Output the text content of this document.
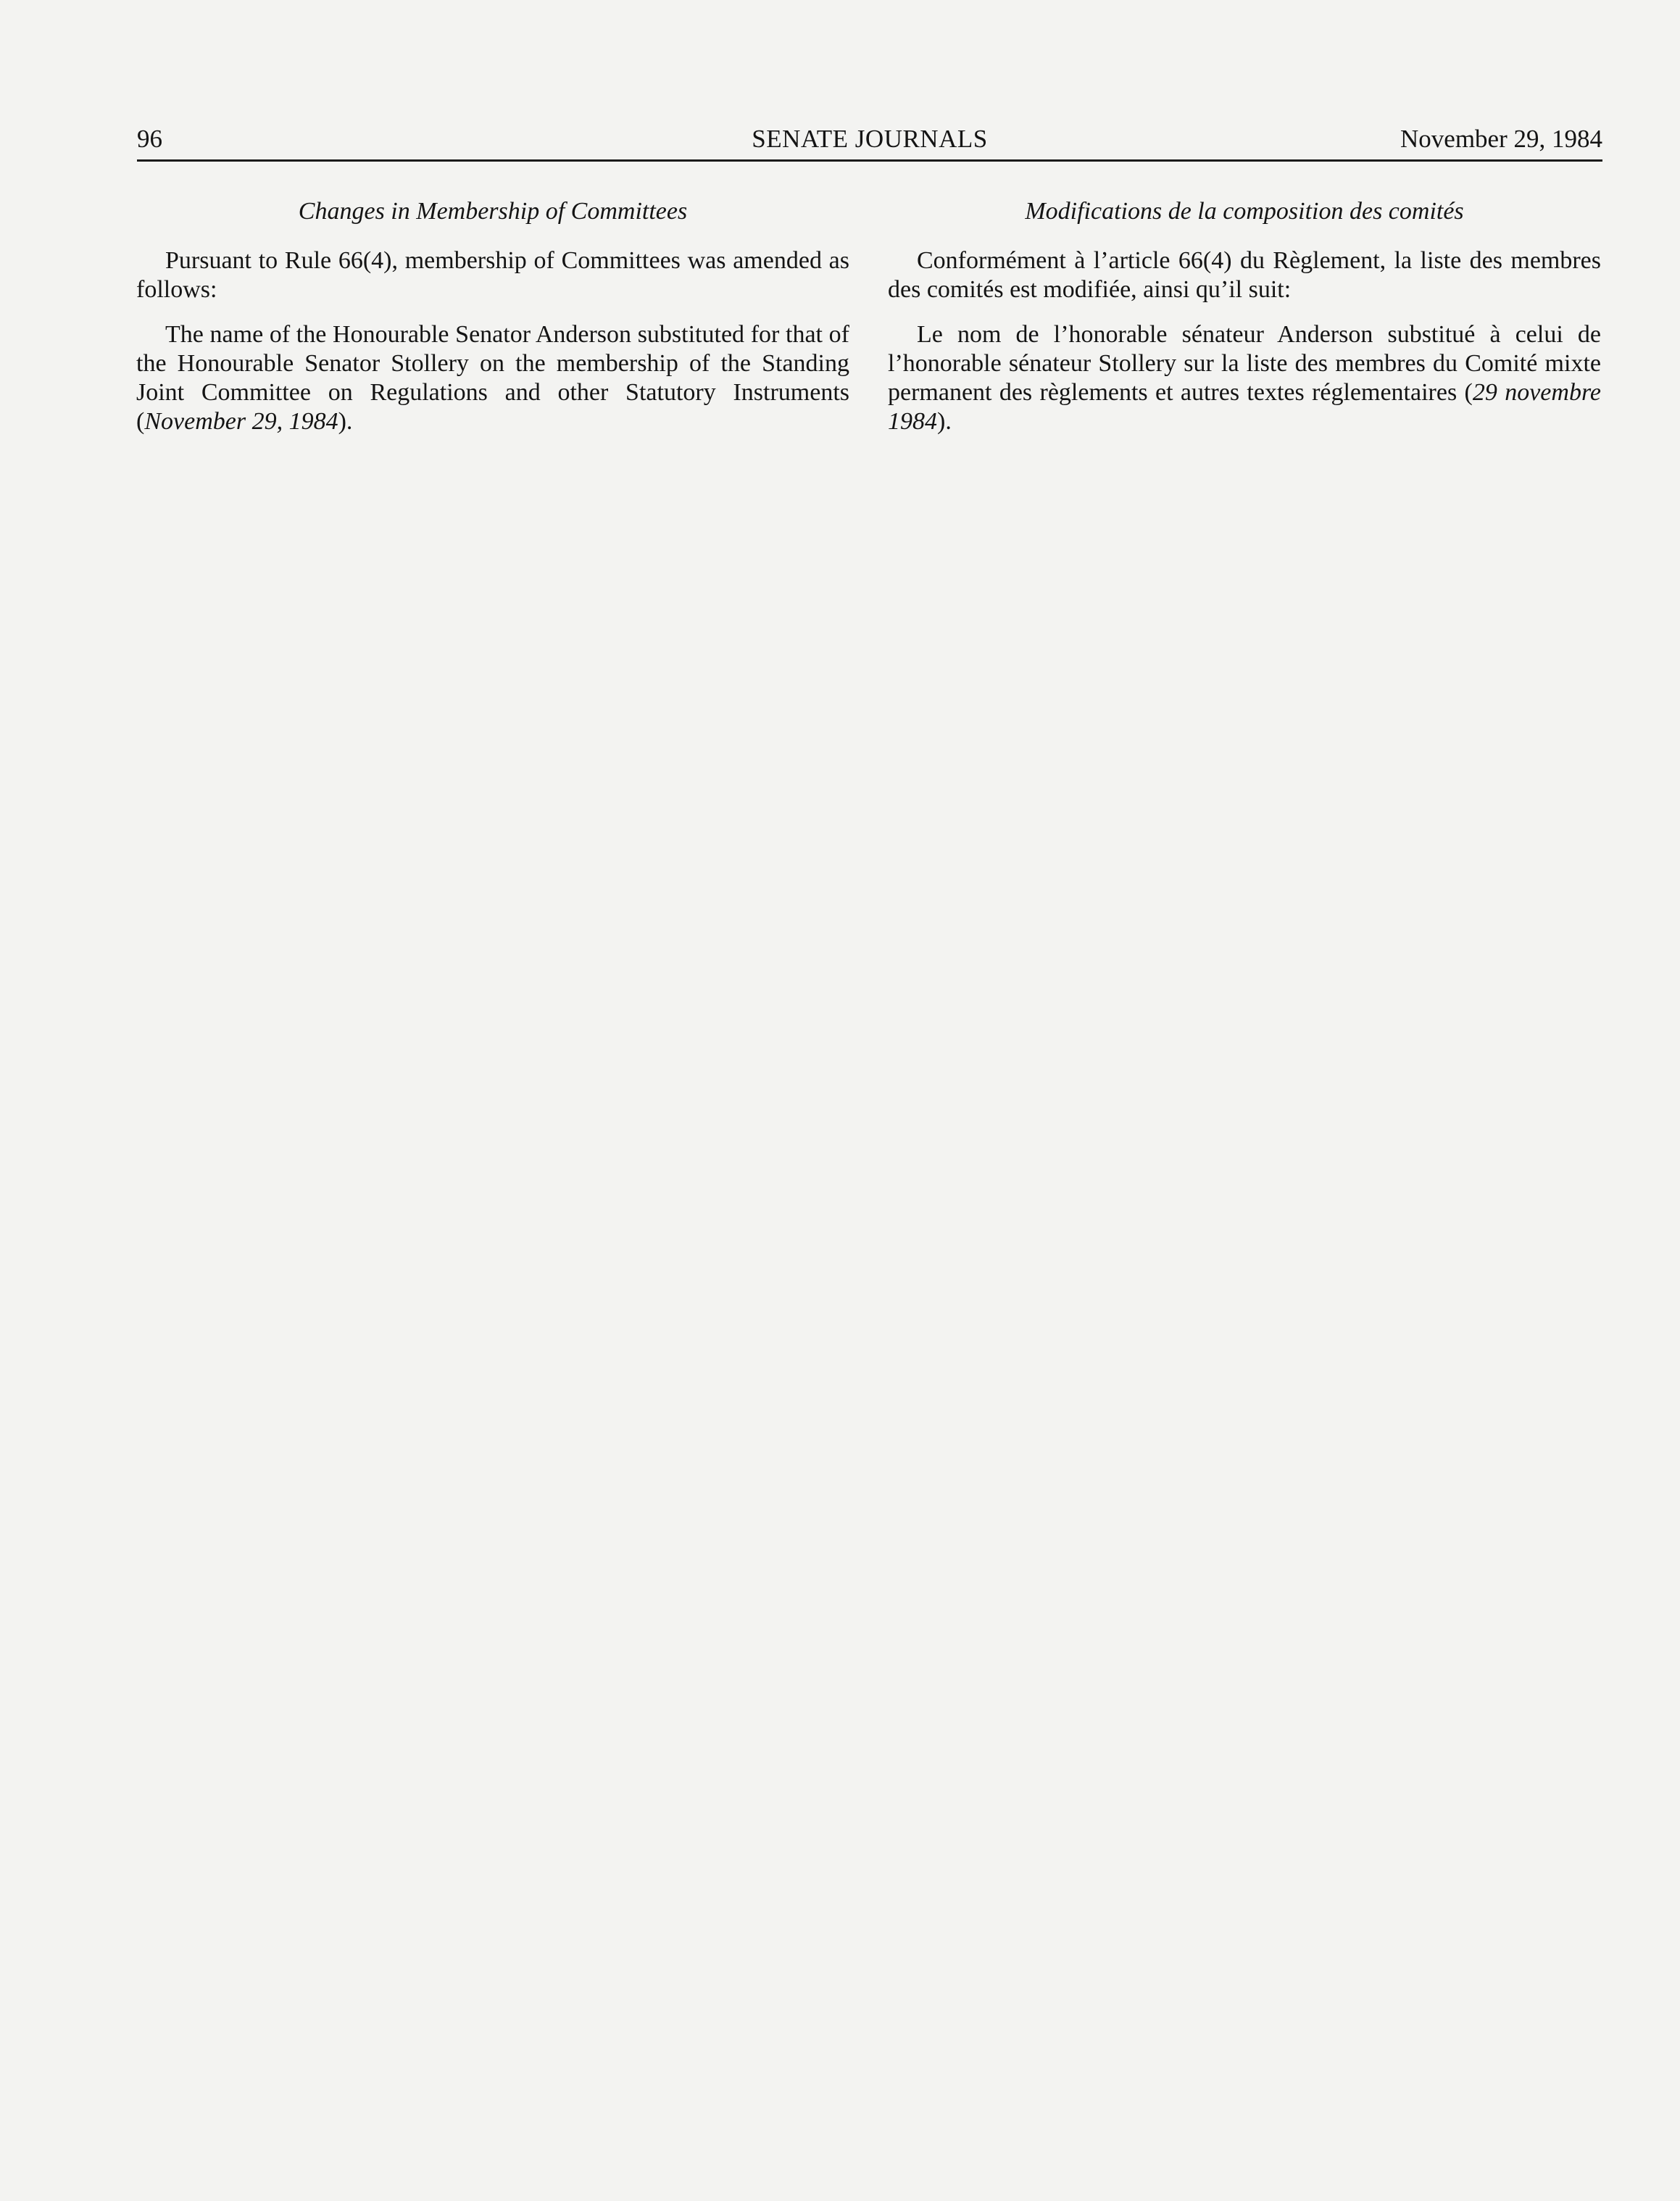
96	SENATE JOURNALS	November 29, 1984

Changes in Membership of Committees

Pursuant to Rule 66(4), membership of Committees was amended as follows:

The name of the Honourable Senator Anderson substituted for that of the Honourable Senator Stollery on the membership of the Standing Joint Committee on Regulations and other Statutory Instruments (November 29, 1984).

Modifications de la composition des comités

Conformément à l’article 66(4) du Règlement, la liste des membres des comités est modifiée, ainsi qu’il suit:

Le nom de l’honorable sénateur Anderson substitué à celui de l’honorable sénateur Stollery sur la liste des membres du Comité mixte permanent des règlements et autres textes réglementaires (29 novembre 1984).
